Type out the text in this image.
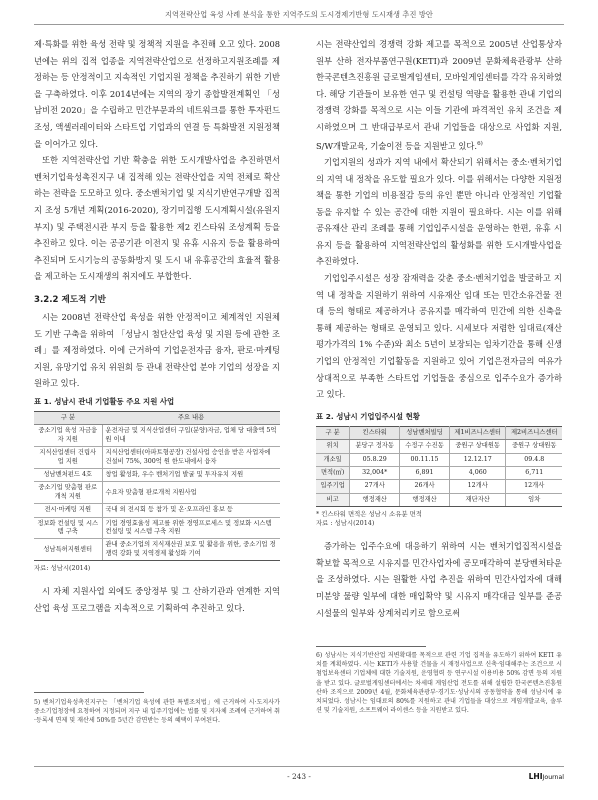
지역전략산업 육성 사례 분석을 통한 지역주도의 도시경제기반형 도시재생 추진 방안

제·특화를 위한 육성 전략 및 정책적 지원을 추진해 오고 있다. 2008년에는 위의 집적 업종을 지역전략산업으로 선정하고지원조례를 제정하는 등 안정적이고 지속적인 기업지원 정책을 추진하기 위한 기반을 구축하였다. 이후 2014년에는 지역의 장기 종합발전계획인 「성남비전 2020」을 수립하고 민간부문과의 네트워크를 통한 투자펀드 조성, 액셀러레이터와 스타트업 기업과의 연결 등 특화발전 지원정책을 이어가고 있다.

또한 지역전략산업 기반 확충을 위한 도시개발사업을 추진하면서 벤처기업육성촉진지구 내 집적해 있는 전략산업을 지역 전체로 확산하는 전략을 도모하고 있다. 중소벤처기업 및 지식기반연구개발 집적지 조성 5개년 계획(2016-2020), 장기미집행 도시계획시설(유원지 부지) 및 주택전시관 부지 등을 활용한 제2 킨스타워 조성계획 등을 추진하고 있다. 이는 공공기관 이전지 및 유휴 시유지 등을 활용하여 추진되며 도시기능의 공동화방지 및 도시 내 유휴공간의 효율적 활용을 제고하는 도시재생의 취지에도 부합한다.

3.2.2 제도적 기반

시는 2008년 전략산업 육성을 위한 안정적이고 체계적인 지원체도 기반 구축을 위하여 「성남시 첨단산업 육성 및 지원 등에 관한 조례」를 제정하였다. 이에 근거하여 기업운전자금 융자, 판로·마케팅 지원, 유망기업 유치 위원회 등 관내 전략산업 분야 기업의 성장을 지원하고 있다.

표 1. 성남시 관내 기업활동 주요 지원 사업
구 분	주요 내용
중소기업 육성 자금융자 지원	운전자금 및 지식산업센터 구입(분양)자금, 업체 당 대출액 5억원 이내
지식산업센터 건립사업 지원	지식산업센터(아파트형공장) 건설사업 승인을 받은 사업자에 건설비 75%, 300억 원 한도내에서 융자
성남벤처펀드 4호	창업 활성화, 우수 벤처기업 발굴 및 투자유치 지원
중소기업 맞춤형 판로개척 지원	수요자 맞춤형 판로개척 지원사업
전시·마케팅 지원	국내 외 전시회 등 참가 및 온·오프라인 홍보 등
정보화 컨설팅 및 시스템 구축	기업 경영효율성 제고를 위한 경영프로세스 및 정보화 시스템 컨설팅 및 시스템 구축 지원
성남특허지원센터	관내 중소기업의 지식재산권 보호 및 활용을 위한, 중소기업 경쟁력 강화 및 지역경제 활성화 기여
자료: 성남시(2014)

시 자체 지원사업 외에도 중앙정부 및 그 산하기관과 연계한 지역산업 육성 프로그램을 지속적으로 기획하여 추진하고 있다.

5) 벤처기업육성촉진지구는 「벤처기업 육성에 관한 특별조치법」에 근거하여 시·도지사가 중소기업청장에 요청하여 지정되며 지구 내 입주기업에는 법률 및 지자체 조례에 근거하여 취·등록세 면제 및 재산세 50%를 5년간 감면받는 등의 혜택이 부여된다.

시는 전략산업의 경쟁력 강화 제고를 목적으로 2005년 산업통상자원부 산하 전자부품연구원(KETI)과 2009년 문화체육관광부 산하 한국콘텐츠진흥원 글로벌게임센터, 모바일게임센터를 각각 유치하였다. 해당 기관들이 보유한 연구 및 컨설팅 역량을 활용한 관내 기업의 경쟁력 강화를 목적으로 시는 이들 기관에 파격적인 유치 조건을 제시하였으며 그 반대급부로서 관내 기업들을 대상으로 사업화 지원, S/W개발교육, 기술이전 등을 지원받고 있다.$^{6)}$

기업지원의 성과가 지역 내에서 확산되기 위해서는 중소·벤처기업의 지역 내 정착을 유도할 필요가 있다. 이를 위해서는 다양한 지원정책을 통한 기업의 비용절감 등의 유인 뿐만 아니라 안정적인 기업활동을 유지할 수 있는 공간에 대한 지원이 필요하다. 시는 이를 위해 공유재산 관리 조례를 통해 기업입주시설을 운영하는 한편, 유휴 시유지 등을 활용하여 지역전략산업의 활성화를 위한 도시개발사업을 추진하였다.

기업입주시설은 성장 잠재력을 갖춘 중소·벤처기업을 발굴하고 지역 내 정착을 지원하기 위하여 시유재산 임대 또는 민간소유건물 전대 등의 형태로 제공하거나 공유지를 매각하여 민간에 의한 신축을 통해 제공하는 형태로 운영되고 있다. 시세보다 저렴한 임대료(재산평가가격의 1% 수준)와 최소 5년이 보장되는 임차기간을 통해 신생 기업의 안정적인 기업활동을 지원하고 있어 기업은전자금의 여유가 상대적으로 부족한 스타트업 기업들을 중심으로 입주수요가 증가하고 있다.

표 2. 성남시 기업입주시설 현황
구 분	킨스타워	성남벤처빌딩	제1비즈니스센터	제2비즈니스센터
위치	분당구 정자동	수정구 수진동	중원구 상대원동	중원구 상대원동
개소일	05.8.29	00.11.15	12.12.17	09.4.8
면적(㎡)	32,004*	6,891	4,060	6,711
입주기업	27개사	26개사	12개사	12개사
비고	행정재산	행정재산	재단자산	임차
* 킨스타워 면적은 성남시 소유분 면적
자료 : 성남시(2014)

증가하는 입주수요에 대응하기 위하여 시는 벤처기업집적시설을 확보할 목적으로 시유지를 민간사업자에 공모매각하여 분당벤처타운을 조성하였다. 시는 원활한 사업 추진을 위하여 민간사업자에 대해 미분양 물량 일부에 대한 매입확약 및 시유지 매각대금 일부를 준공 시설물의 일부와 상계처리키로 함으로써

6) 성남시는 지식기반산업 저변확대를 목적으로 관련 기업 집적을 유도하기 위하여 KETI 유치를 계획하였다. 시는 KETI가 사용할 건물을 시 재정사업으로 신축·임대해주는 조건으로 시 첨업보육센터 기업체에 대한 기술지원, 운영협력 등 연구시설 이용비용 50% 감면 등의 지원을 받고 있다. 글로벌게임센터에서는 차세대 게임산업 전도를 위해 설립한 한국콘텐츠진흥원 산하 조직으로 2009년 4월, 문화체육관광부·경기도·성남시의 공동협약을 통해 성남시에 유치되었다. 성남시는 임대료의 80%를 지원하고 관내 기업들을 대상으로 게임개발교육, 솔루션 및 기술지원, 소프트웨어 라이센스 등을 지원받고 있다.
- 243 -	LHIJournal
